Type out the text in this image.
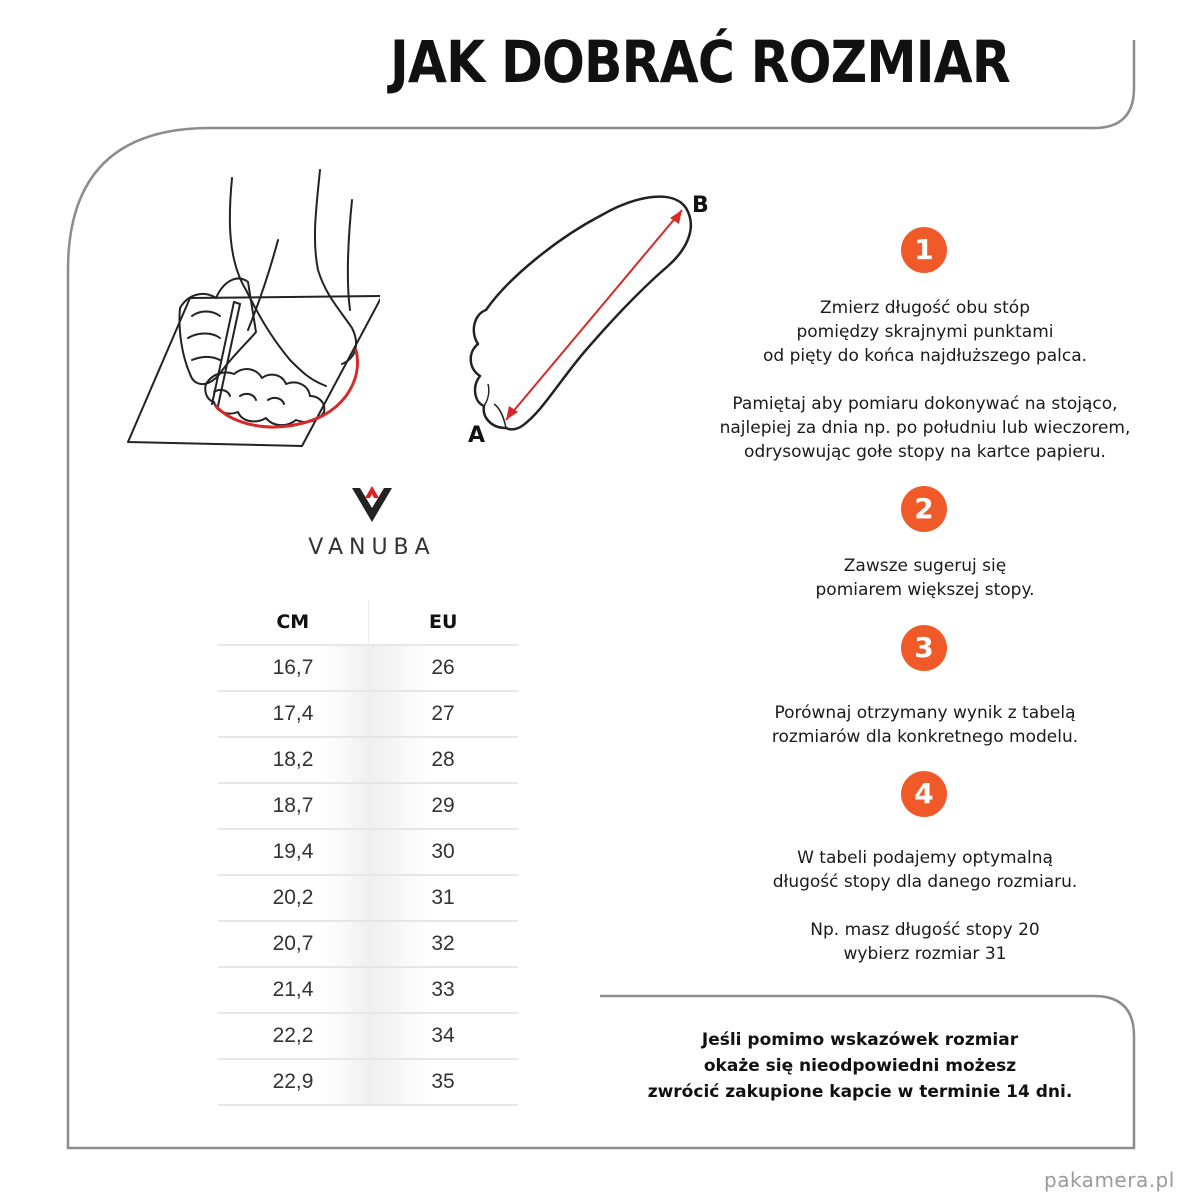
JAK DOBRAĆ ROZMIAR
A
B
VANUBA
CM	EU
16,7	26
17,4	27
18,2	28
18,7	29
19,4	30
20,2	31
20,7	32
21,4	33
22,2	34
22,9	35
1

Zmierz długość obu stóp
pomiędzy skrajnymi punktami
od pięty do końca najdłuższego palca.

Pamiętaj aby pomiaru dokonywać na stojąco,
najlepiej za dnia np. po południu lub wieczorem,
odrysowując gołe stopy na kartce papieru.

2

Zawsze sugeruj się
pomiarem większej stopy.

3

Porównaj otrzymany wynik z tabelą
rozmiarów dla konkretnego modelu.

4

W tabeli podajemy optymalną
długość stopy dla danego rozmiaru.

Np. masz długość stopy 20
wybierz rozmiar 31

Jeśli pomimo wskazówek rozmiar
okaże się nieodpowiedni możesz
zwrócić zakupione kapcie w terminie 14 dni.
pakamera.pl
